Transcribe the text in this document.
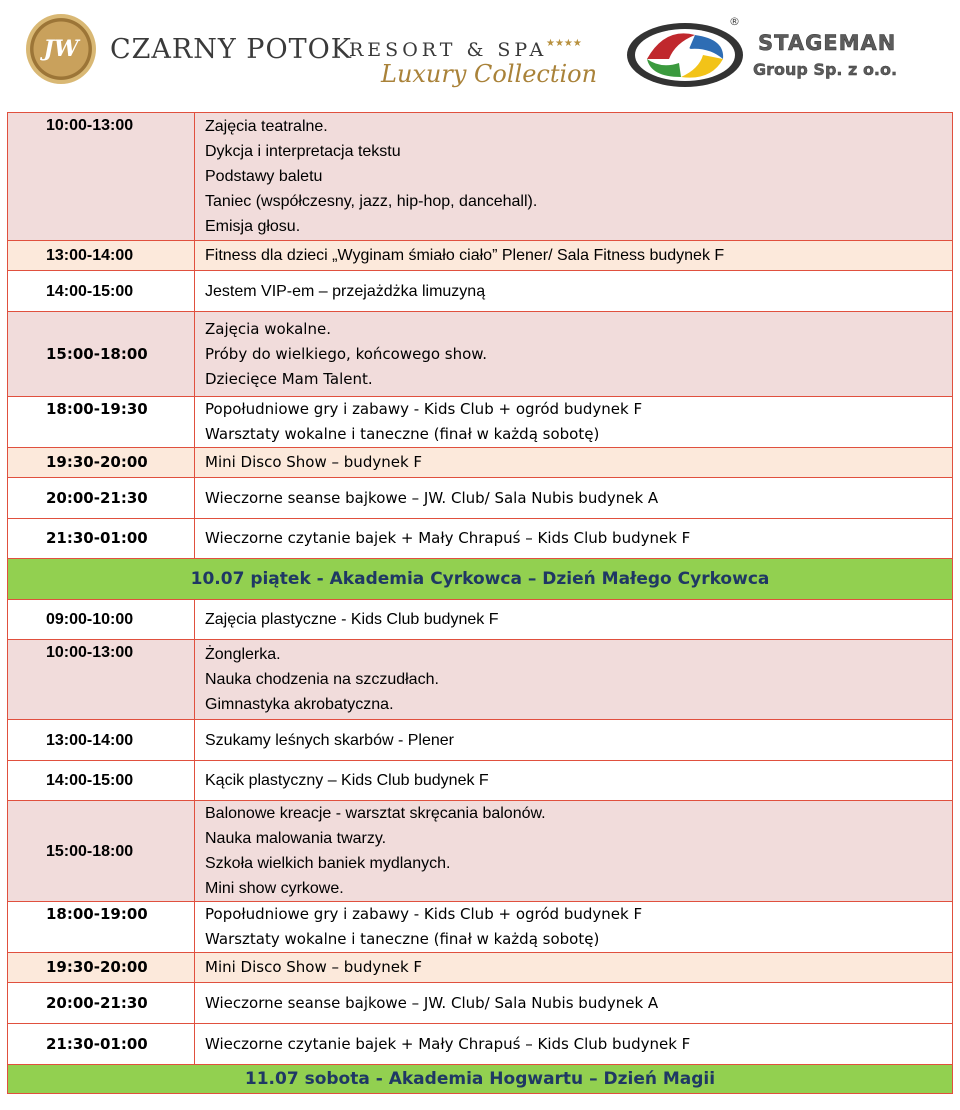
JW CZARNY POTOK
RESORT & SPA
★★★★
Luxury Collection
®
STAGEMAN
Group Sp. z o.o.
10:00-13:00	Zajęcia teatralne.
Dykcja i interpretacja tekstu
Podstawy baletu
Taniec (współczesny, jazz, hip-hop, dancehall).
Emisja głosu.

13:00-14:00	Fitness dla dzieci „Wyginam śmiało ciało” Plener/ Sala Fitness budynek F

14:00-15:00	Jestem VIP-em – przejażdżka limuzyną

15:00-18:00	Zajęcia wokalne.
Próby do wielkiego, końcowego show.
Dziecięce Mam Talent.

18:00-19:30	Popołudniowe gry i zabawy - Kids Club + ogród budynek F
Warsztaty wokalne i taneczne (finał w każdą sobotę)

19:30-20:00	Mini Disco Show – budynek F

20:00-21:30	Wieczorne seanse bajkowe – JW. Club/ Sala Nubis budynek A

21:30-01:00	Wieczorne czytanie bajek + Mały Chrapuś – Kids Club budynek F

10.07 piątek - Akademia Cyrkowca – Dzień Małego Cyrkowca	
09:00-10:00	Zajęcia plastyczne - Kids Club budynek F

10:00-13:00	Żonglerka.
Nauka chodzenia na szczudłach.
Gimnastyka akrobatyczna.

13:00-14:00	Szukamy leśnych skarbów - Plener

14:00-15:00	Kącik plastyczny – Kids Club budynek F

15:00-18:00	Balonowe kreacje - warsztat skręcania balonów.
Nauka malowania twarzy.
Szkoła wielkich baniek mydlanych.
Mini show cyrkowe.

18:00-19:00	Popołudniowe gry i zabawy - Kids Club + ogród budynek F
Warsztaty wokalne i taneczne (finał w każdą sobotę)

19:30-20:00	Mini Disco Show – budynek F

20:00-21:30	Wieczorne seanse bajkowe – JW. Club/ Sala Nubis budynek A

21:30-01:00	Wieczorne czytanie bajek + Mały Chrapuś – Kids Club budynek F

11.07 sobota - Akademia Hogwartu – Dzień Magii	
